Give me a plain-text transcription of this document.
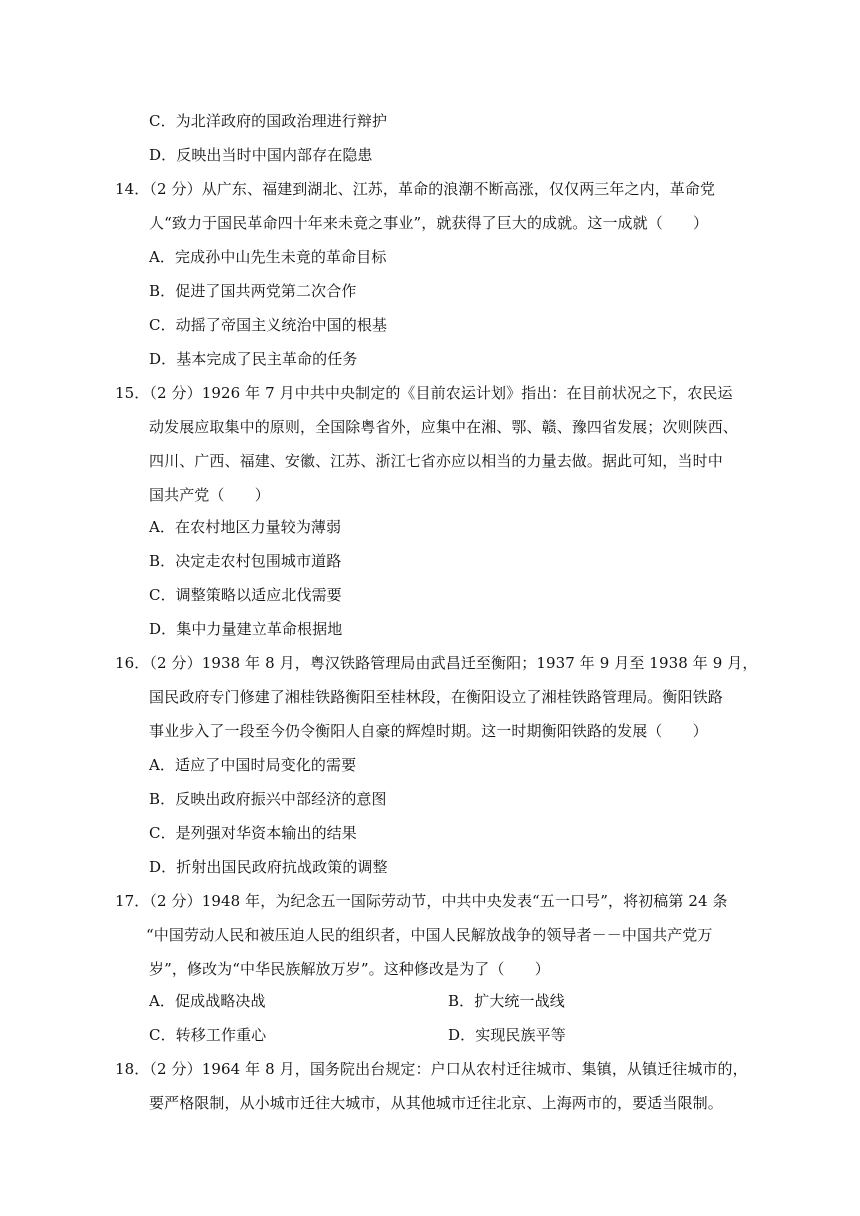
C．为北洋政府的国政治理进行辩护
D．反映出当时中国内部存在隐患
14．（2 分）从广东、福建到湖北、江苏，革命的浪潮不断高涨，仅仅两三年之内，革命党
人“致力于国民革命四十年来未竟之事业”，就获得了巨大的成就。这一成就（　　）
A．完成孙中山先生未竟的革命目标
B．促进了国共两党第二次合作
C．动摇了帝国主义统治中国的根基
D．基本完成了民主革命的任务
15．（2 分）1926 年 7 月中共中央制定的《目前农运计划》指出：在目前状况之下，农民运
动发展应取集中的原则，全国除粤省外，应集中在湘、鄂、赣、豫四省发展；次则陕西、
四川、广西、福建、安徽、江苏、浙江七省亦应以相当的力量去做。据此可知，当时中
国共产党（　　）
A．在农村地区力量较为薄弱
B．决定走农村包围城市道路
C．调整策略以适应北伐需要
D．集中力量建立革命根据地
16．（2 分）1938 年 8 月，粤汉铁路管理局由武昌迁至衡阳；1937 年 9 月至 1938 年 9 月，
国民政府专门修建了湘桂铁路衡阳至桂林段，在衡阳设立了湘桂铁路管理局。衡阳铁路
事业步入了一段至今仍令衡阳人自豪的辉煌时期。这一时期衡阳铁路的发展（　　）
A．适应了中国时局变化的需要
B．反映出政府振兴中部经济的意图
C．是列强对华资本输出的结果
D．折射出国民政府抗战政策的调整
17．（2 分）1948 年，为纪念五一国际劳动节，中共中央发表“五一口号”，将初稿第 24 条
“中国劳动人民和被压迫人民的组织者，中国人民解放战争的领导者－－中国共产党万
岁”，修改为“中华民族解放万岁”。这种修改是为了（　　）
A．促成战略决战	B．扩大统一战线
C．转移工作重心	D．实现民族平等
18．（2 分）1964 年 8 月，国务院出台规定：户口从农村迁往城市、集镇，从镇迁往城市的，
要严格限制，从小城市迁往大城市，从其他城市迁往北京、上海两市的，要适当限制。
